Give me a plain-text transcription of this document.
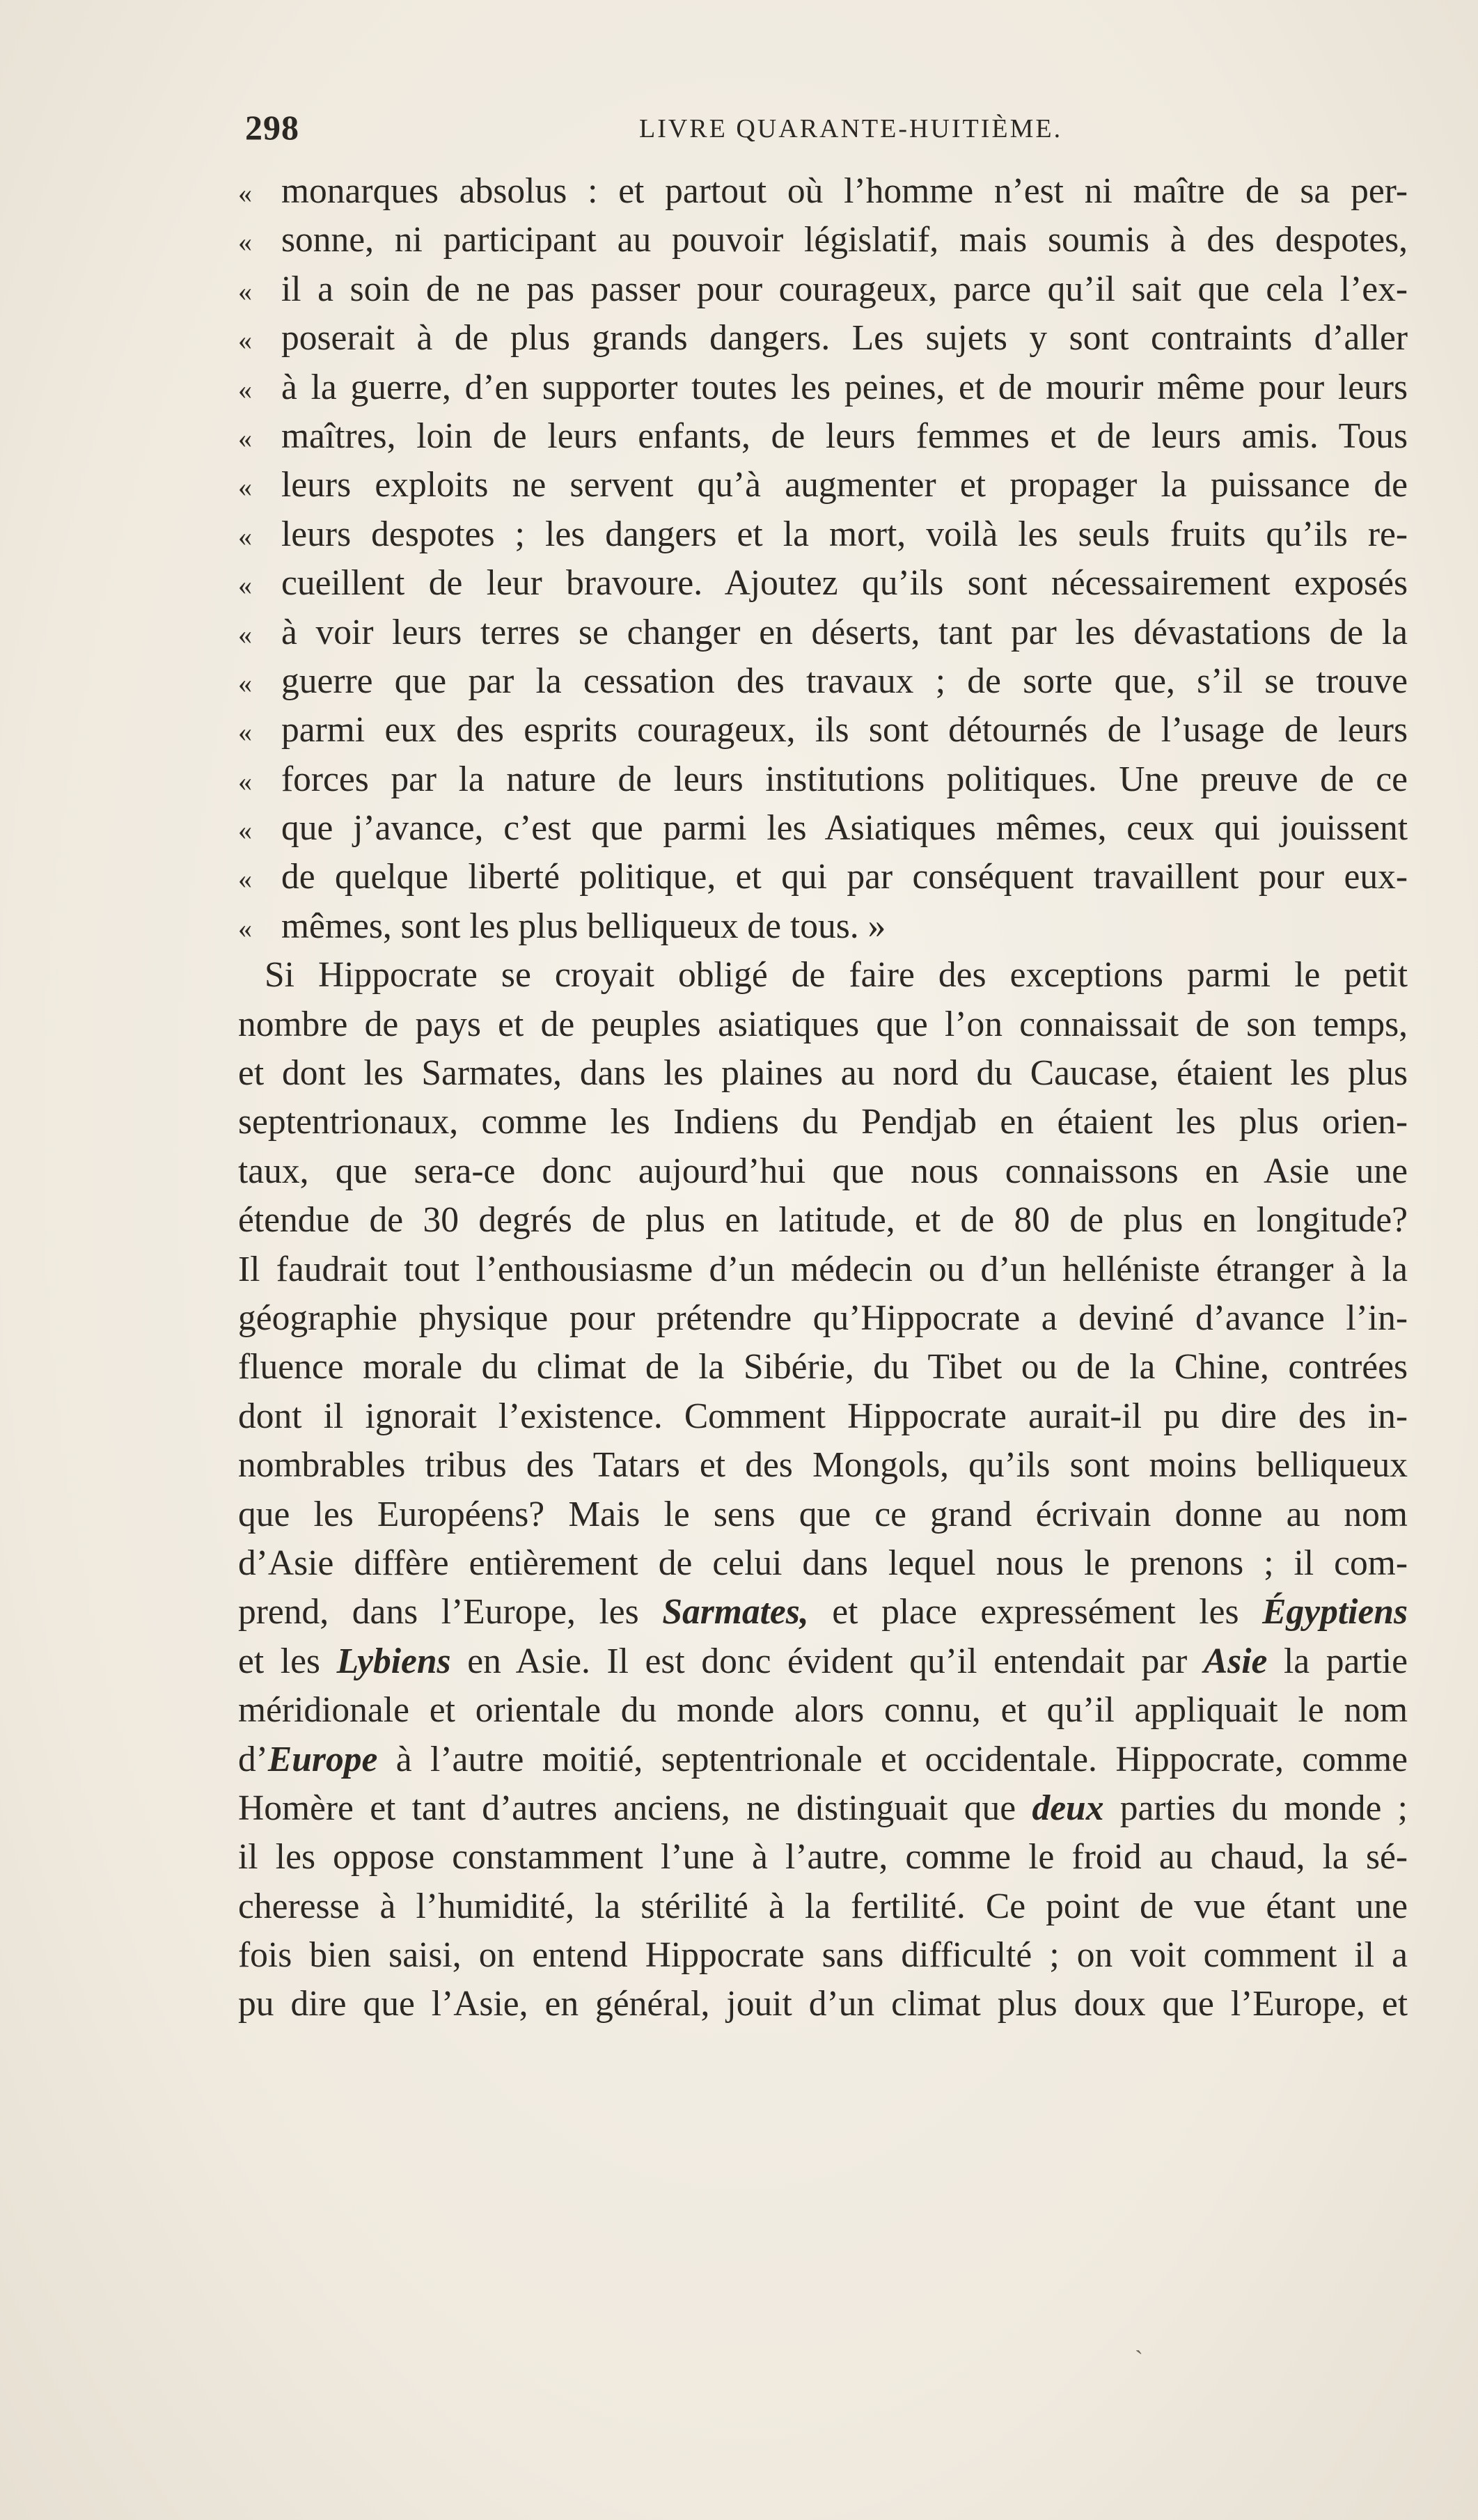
298	LIVRE QUARANTE-HUITIÈME.
« monarques absolus : et partout où l’homme n’est ni maître de sa per-
« sonne, ni participant au pouvoir législatif, mais soumis à des despotes,
« il a soin de ne pas passer pour courageux, parce qu’il sait que cela l’ex-
« poserait à de plus grands dangers. Les sujets y sont contraints d’aller
« à la guerre, d’en supporter toutes les peines, et de mourir même pour leurs
« maîtres, loin de leurs enfants, de leurs femmes et de leurs amis. Tous
« leurs exploits ne servent qu’à augmenter et propager la puissance de
« leurs despotes ; les dangers et la mort, voilà les seuls fruits qu’ils re-
« cueillent de leur bravoure. Ajoutez qu’ils sont nécessairement exposés
« à voir leurs terres se changer en déserts, tant par les dévastations de la
« guerre que par la cessation des travaux ; de sorte que, s’il se trouve
« parmi eux des esprits courageux, ils sont détournés de l’usage de leurs
« forces par la nature de leurs institutions politiques. Une preuve de ce
« que j’avance, c’est que parmi les Asiatiques mêmes, ceux qui jouissent
« de quelque liberté politique, et qui par conséquent travaillent pour eux-
« mêmes, sont les plus belliqueux de tous. »
Si Hippocrate se croyait obligé de faire des exceptions parmi le petit
nombre de pays et de peuples asiatiques que l’on connaissait de son temps,
et dont les Sarmates, dans les plaines au nord du Caucase, étaient les plus
septentrionaux, comme les Indiens du Pendjab en étaient les plus orien-
taux, que sera-ce donc aujourd’hui que nous connaissons en Asie une
étendue de 30 degrés de plus en latitude, et de 80 de plus en longitude?
Il faudrait tout l’enthousiasme d’un médecin ou d’un helléniste étranger à la
géographie physique pour prétendre qu’Hippocrate a deviné d’avance l’in-
fluence morale du climat de la Sibérie, du Tibet ou de la Chine, contrées
dont il ignorait l’existence. Comment Hippocrate aurait-il pu dire des in-
nombrables tribus des Tatars et des Mongols, qu’ils sont moins belliqueux
que les Européens? Mais le sens que ce grand écrivain donne au nom
d’Asie diffère entièrement de celui dans lequel nous le prenons ; il com-
prend, dans l’Europe, les Sarmates, et place expressément les Égyptiens
et les Lybiens en Asie. Il est donc évident qu’il entendait par Asie la partie
méridionale et orientale du monde alors connu, et qu’il appliquait le nom
d’Europe à l’autre moitié, septentrionale et occidentale. Hippocrate, comme
Homère et tant d’autres anciens, ne distinguait que deux parties du monde ;
il les oppose constamment l’une à l’autre, comme le froid au chaud, la sé-
cheresse à l’humidité, la stérilité à la fertilité. Ce point de vue étant une
fois bien saisi, on entend Hippocrate sans difficulté ; on voit comment il a
pu dire que l’Asie, en général, jouit d’un climat plus doux que l’Europe, et
ˋ
